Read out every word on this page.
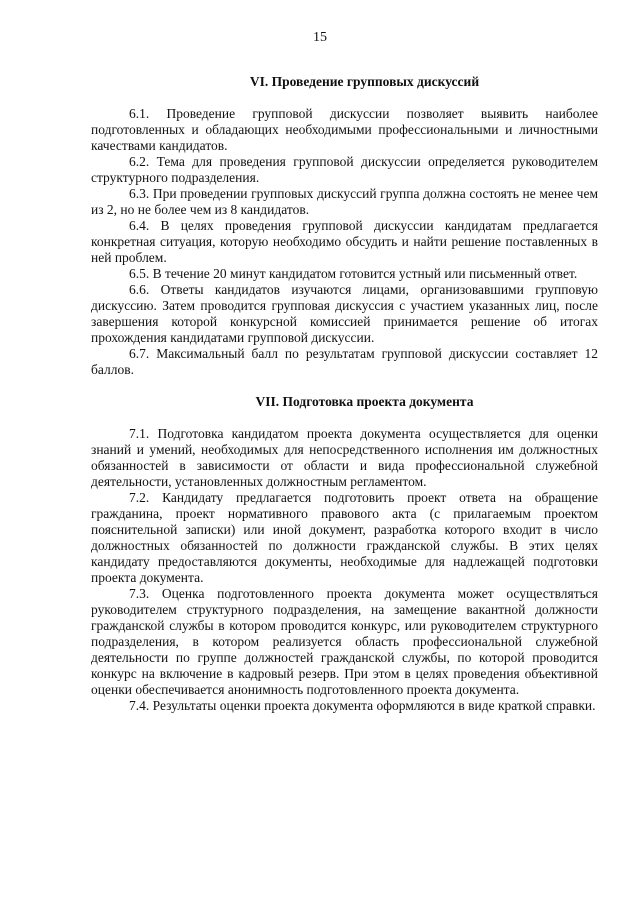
15
VI. Проведение групповых дискуссий

6.1. Проведение групповой дискуссии позволяет выявить наиболее подготовленных и обладающих необходимыми профессиональными и личностными качествами кандидатов.

6.2. Тема для проведения групповой дискуссии определяется руководителем структурного подразделения.

6.3. При проведении групповых дискуссий группа должна состоять не менее чем из 2, но не более чем из 8 кандидатов.

6.4. В целях проведения групповой дискуссии кандидатам предлагается конкретная ситуация, которую необходимо обсудить и найти решение поставленных в ней проблем.

6.5. В течение 20 минут кандидатом готовится устный или письменный ответ.

6.6. Ответы кандидатов изучаются лицами, организовавшими групповую дискуссию. Затем проводится групповая дискуссия с участием указанных лиц, после завершения которой конкурсной комиссией принимается решение об итогах прохождения кандидатами групповой дискуссии.

6.7. Максимальный балл по результатам групповой дискуссии составляет 12 баллов.

VII. Подготовка проекта документа

7.1. Подготовка кандидатом проекта документа осуществляется для оценки знаний и умений, необходимых для непосредственного исполнения им должностных обязанностей в зависимости от области и вида профессиональной служебной деятельности, установленных должностным регламентом.

7.2. Кандидату предлагается подготовить проект ответа на обращение гражданина, проект нормативного правового акта (с прилагаемым проектом пояснительной записки) или иной документ, разработка которого входит в число должностных обязанностей по должности гражданской службы. В этих целях кандидату предоставляются документы, необходимые для надлежащей подготовки проекта документа.

7.3. Оценка подготовленного проекта документа может осуществляться руководителем структурного подразделения, на замещение вакантной должности гражданской службы в котором проводится конкурс, или руководителем структурного подразделения, в котором реализуется область профессиональной служебной деятельности по группе должностей гражданской службы, по которой проводится конкурс на включение в кадровый резерв. При этом в целях проведения объективной оценки обеспечивается анонимность подготовленного проекта документа.

7.4. Результаты оценки проекта документа оформляются в виде краткой справки.
